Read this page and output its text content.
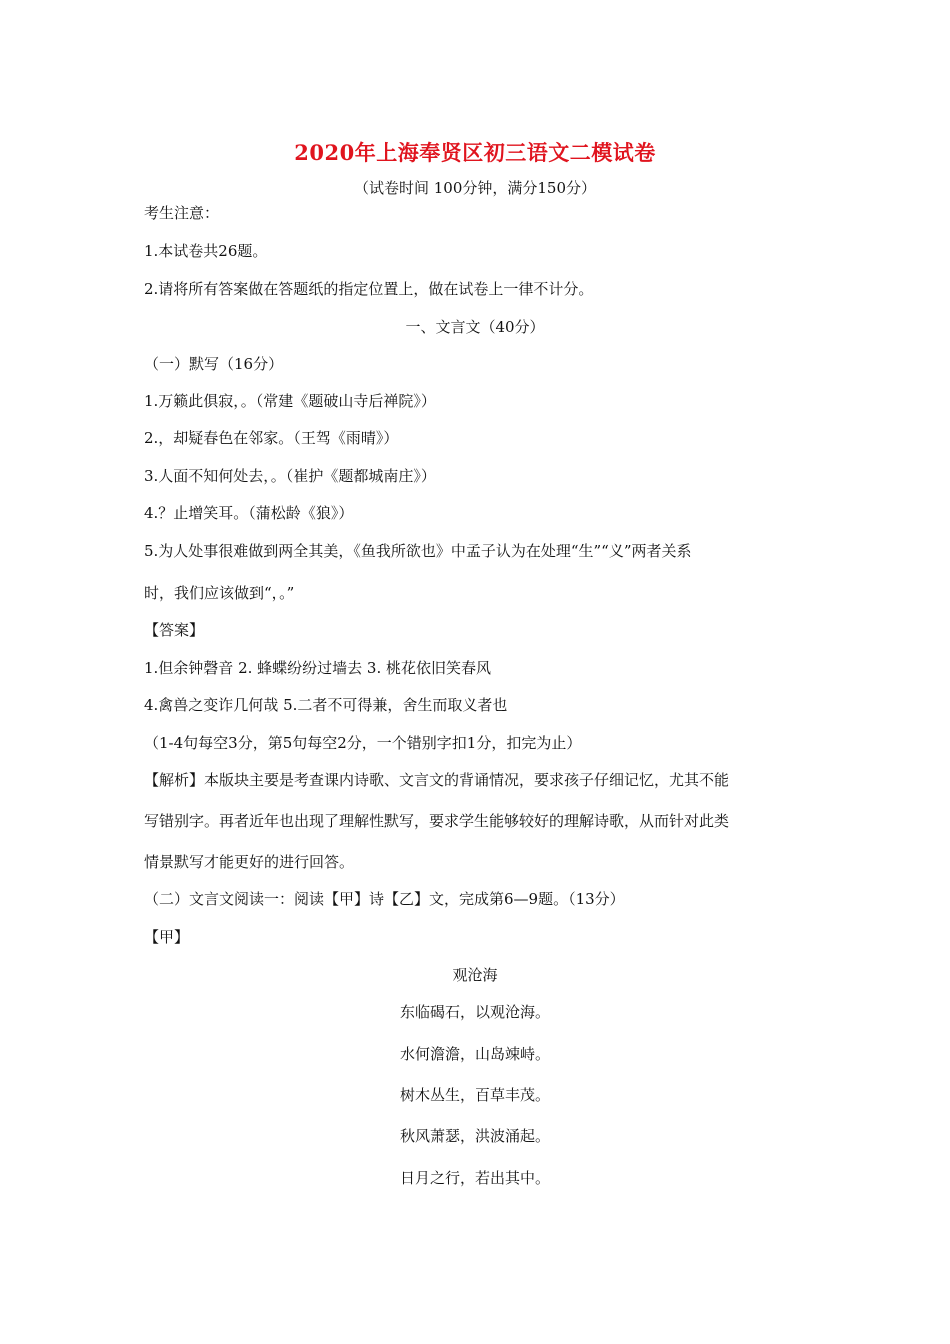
2020年上海奉贤区初三语文二模试卷
（试卷时间 100分钟，满分150分）
考生注意：
1.本试卷共26题。
2.请将所有答案做在答题纸的指定位置上，做在试卷上一律不计分。
一、文言文（40分）
（一）默写（16分）
1.万籁此俱寂，。（常建《题破山寺后禅院》）
2.，却疑春色在邻家。（王驾《雨晴》）
3.人面不知何处去，。（崔护《题都城南庄》）
4.？止增笑耳。（蒲松龄《狼》）
5.为人处事很难做到两全其美，《鱼我所欲也》中孟子认为在处理“生”“义”两者关系
时，我们应该做到“，。”
【答案】
1.但余钟磬音 2. 蜂蝶纷纷过墙去 3. 桃花依旧笑春风
4.禽兽之变诈几何哉 5.二者不可得兼，舍生而取义者也
（1-4句每空3分，第5句每空2分，一个错别字扣1分，扣完为止）
【解析】本版块主要是考查课内诗歌、文言文的背诵情况，要求孩子仔细记忆，尤其不能
写错别字。再者近年也出现了理解性默写，要求学生能够较好的理解诗歌，从而针对此类
情景默写才能更好的进行回答。
（二）文言文阅读一：阅读【甲】诗【乙】文，完成第6—9题。（13分）
【甲】
观沧海
东临碣石，以观沧海。
水何澹澹，山岛竦峙。
树木丛生，百草丰茂。
秋风萧瑟，洪波涌起。
日月之行，若出其中。
